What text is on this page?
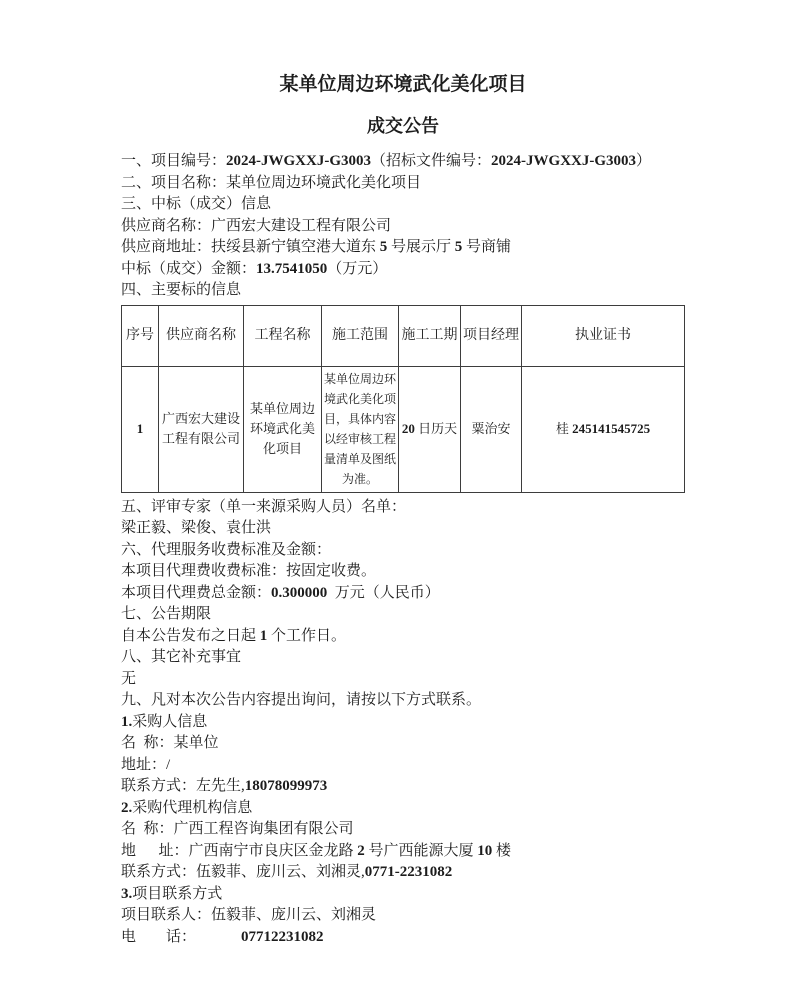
某单位周边环境武化美化项目
成交公告

一、项目编号：2024-JWGXXJ-G3003（招标文件编号：2024-JWGXXJ-G3003）

二、项目名称：某单位周边环境武化美化项目

三、中标（成交）信息

供应商名称：广西宏大建设工程有限公司

供应商地址：扶绥县新宁镇空港大道东 5 号展示厅 5 号商铺

中标（成交）金额：13.7541050（万元）

四、主要标的信息

序号	供应商名称	工程名称	施工范围	施工工期	项目经理	执业证书
1	广西宏大建设工程有限公司	某单位周边环境武化美化项目	某单位周边环境武化美化项目，具体内容以经审核工程量清单及图纸为准。	20 日历天	粟治安	桂 245141545725

五、评审专家（单一来源采购人员）名单：

梁正毅、梁俊、袁仕洪

六、代理服务收费标准及金额：

本项目代理费收费标准：按固定收费。

本项目代理费总金额：0.300000  万元（人民币）

七、公告期限

自本公告发布之日起 1 个工作日。

八、其它补充事宜

无

九、凡对本次公告内容提出询问，请按以下方式联系。

1.采购人信息

名  称：某单位

地址：/

联系方式：左先生,18078099973

2.采购代理机构信息

名  称：广西工程咨询集团有限公司

地      址：广西南宁市良庆区金龙路 2 号广西能源大厦 10 楼

联系方式：伍毅菲、庞川云、刘湘灵,0771-2231082

3.项目联系方式

项目联系人：伍毅菲、庞川云、刘湘灵

电        话：            07712231082
